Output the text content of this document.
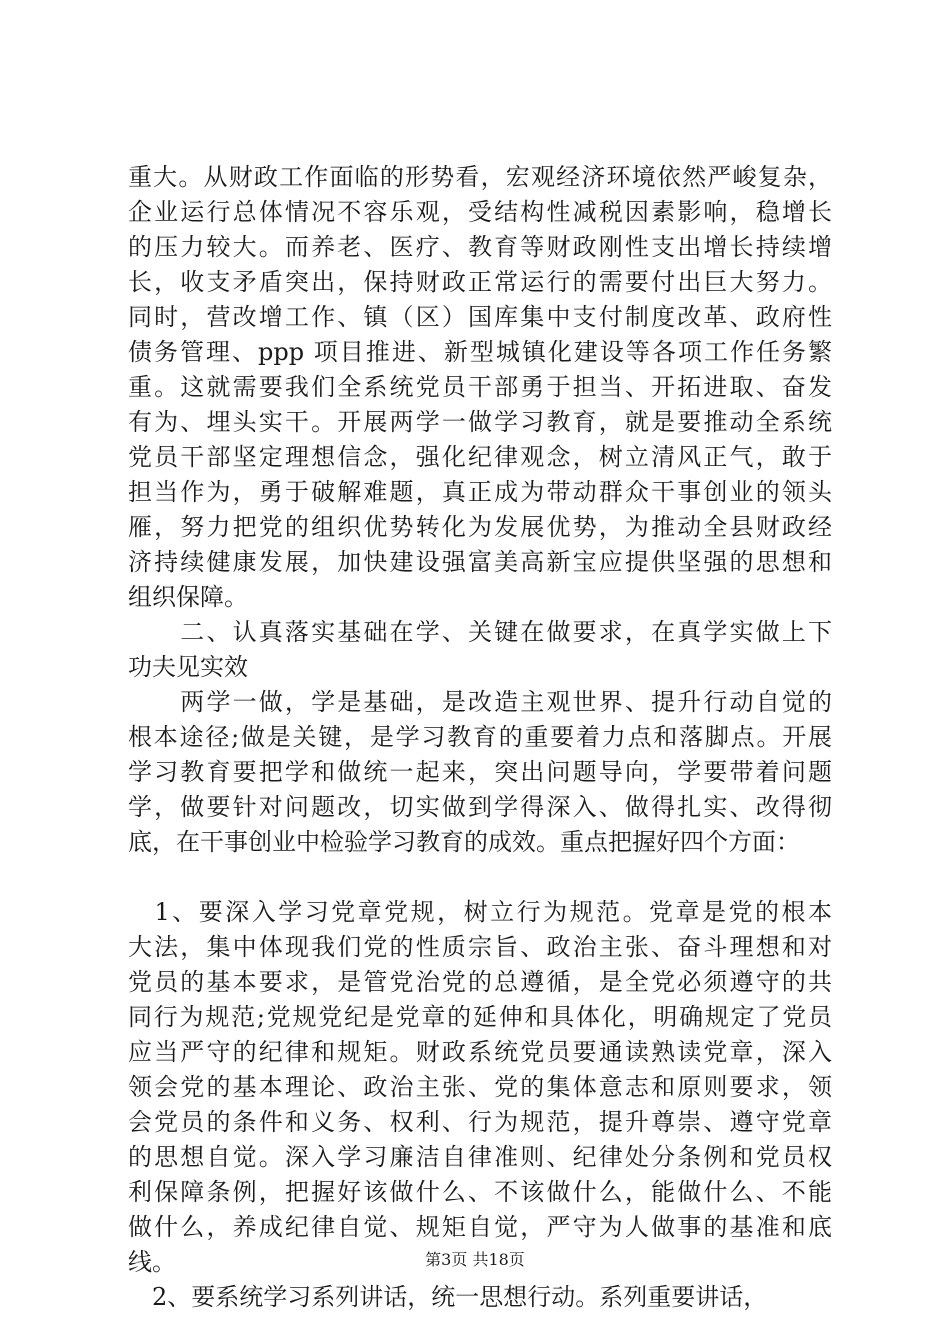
重大。从财政工作面临的形势看，宏观经济环境依然严峻复杂，
企业运行总体情况不容乐观，受结构性减税因素影响，稳增长
的压力较大。而养老、医疗、教育等财政刚性支出增长持续增
长，收支矛盾突出，保持财政正常运行的需要付出巨大努力。
同时，营改增工作、镇（区）国库集中支付制度改革、政府性
债务管理、ppp 项目推进、新型城镇化建设等各项工作任务繁
重。这就需要我们全系统党员干部勇于担当、开拓进取、奋发
有为、埋头实干。开展两学一做学习教育，就是要推动全系统
党员干部坚定理想信念，强化纪律观念，树立清风正气，敢于
担当作为，勇于破解难题，真正成为带动群众干事创业的领头
雁，努力把党的组织优势转化为发展优势，为推动全县财政经
济持续健康发展，加快建设强富美高新宝应提供坚强的思想和
组织保障。
　　二、认真落实基础在学、关键在做要求，在真学实做上下
功夫见实效
　　两学一做，学是基础，是改造主观世界、提升行动自觉的
根本途径;做是关键，是学习教育的重要着力点和落脚点。开展
学习教育要把学和做统一起来，突出问题导向，学要带着问题
学，做要针对问题改，切实做到学得深入、做得扎实、改得彻
底，在干事创业中检验学习教育的成效。重点把握好四个方面：
　1、要深入学习党章党规，树立行为规范。党章是党的根本
大法，集中体现我们党的性质宗旨、政治主张、奋斗理想和对
党员的基本要求，是管党治党的总遵循，是全党必须遵守的共
同行为规范;党规党纪是党章的延伸和具体化，明确规定了党员
应当严守的纪律和规矩。财政系统党员要通读熟读党章，深入
领会党的基本理论、政治主张、党的集体意志和原则要求，领
会党员的条件和义务、权利、行为规范，提升尊崇、遵守党章
的思想自觉。深入学习廉洁自律准则、纪律处分条例和党员权
利保障条例，把握好该做什么、不该做什么，能做什么、不能
做什么，养成纪律自觉、规矩自觉，严守为人做事的基准和底
线。
　2、要系统学习系列讲话，统一思想行动。系列重要讲话，
第3页 共18页
